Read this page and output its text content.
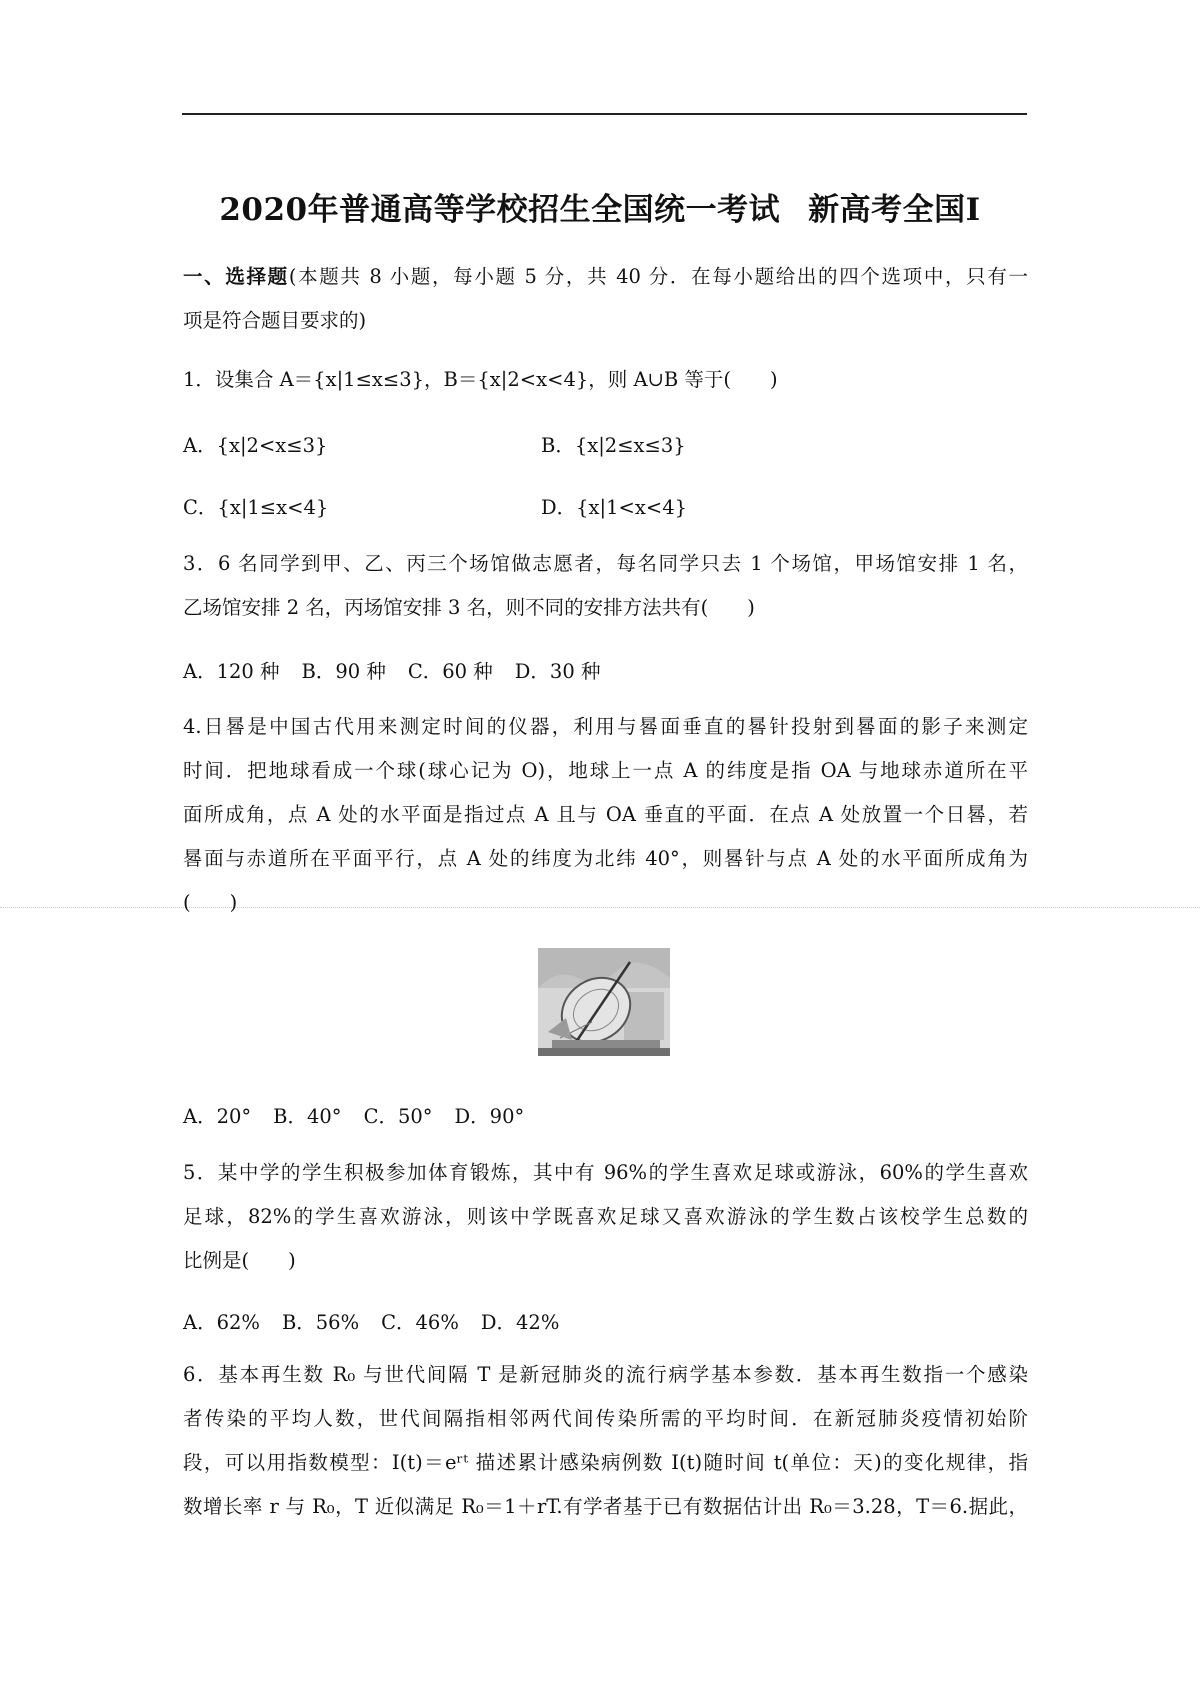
2020年普通高等学校招生全国统一考试 新高考全国Ⅰ
一、选择题(本题共 8 小题，每小题 5 分，共 40 分．在每小题给出的四个选项中，只有一
项是符合题目要求的)
1．设集合 A＝{x|1≤x≤3}，B＝{x|2<x<4}，则 A∪B 等于(　　)
A．{x|2<x≤3}	B．{x|2≤x≤3}
C．{x|1≤x<4}	D．{x|1<x<4}
3．6 名同学到甲、乙、丙三个场馆做志愿者，每名同学只去 1 个场馆，甲场馆安排 1 名，
乙场馆安排 2 名，丙场馆安排 3 名，则不同的安排方法共有(　　)
A．120 种 B．90 种 C．60 种 D．30 种
4.日晷是中国古代用来测定时间的仪器，利用与晷面垂直的晷针投射到晷面的影子来测定
时间．把地球看成一个球(球心记为 O)，地球上一点 A 的纬度是指 OA 与地球赤道所在平
面所成角，点 A 处的水平面是指过点 A 且与 OA 垂直的平面．在点 A 处放置一个日晷，若
晷面与赤道所在平面平行，点 A 处的纬度为北纬 40°，则晷针与点 A 处的水平面所成角为
(　　)
A．20° B．40° C．50° D．90°
5．某中学的学生积极参加体育锻炼，其中有 96%的学生喜欢足球或游泳，60%的学生喜欢
足球，82%的学生喜欢游泳，则该中学既喜欢足球又喜欢游泳的学生数占该校学生总数的
比例是(　　)
A．62% B．56% C．46% D．42%
6．基本再生数 R₀ 与世代间隔 T 是新冠肺炎的流行病学基本参数．基本再生数指一个感染
者传染的平均人数，世代间隔指相邻两代间传染所需的平均时间．在新冠肺炎疫情初始阶
段，可以用指数模型：I(t)＝eʳᵗ 描述累计感染病例数 I(t)随时间 t(单位：天)的变化规律，指
数增长率 r 与 R₀，T 近似满足 R₀＝1＋rT.有学者基于已有数据估计出 R₀＝3.28，T＝6.据此，
